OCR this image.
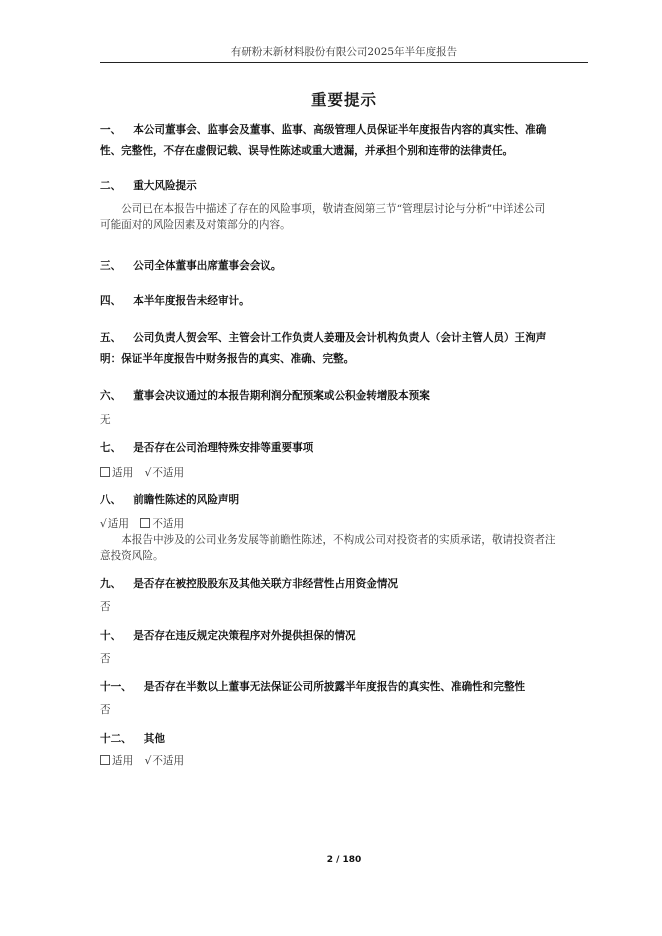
有研粉末新材料股份有限公司2025年半年度报告
重要提示
一、 本公司董事会、监事会及董事、监事、高级管理人员保证半年度报告内容的真实性、准确
性、完整性，不存在虚假记载、误导性陈述或重大遗漏，并承担个别和连带的法律责任。
二、 重大风险提示
公司已在本报告中描述了存在的风险事项，敬请查阅第三节“管理层讨论与分析”中详述公司
可能面对的风险因素及对策部分的内容。
三、 公司全体董事出席董事会会议。
四、 本半年度报告未经审计。
五、 公司负责人贺会军、主管会计工作负责人姜珊及会计机构负责人（会计主管人员）王洵声
明：保证半年度报告中财务报告的真实、准确、完整。
六、 董事会决议通过的本报告期利润分配预案或公积金转增股本预案
无
七、 是否存在公司治理特殊安排等重要事项
适用 √不适用
八、 前瞻性陈述的风险声明
√适用 不适用
本报告中涉及的公司业务发展等前瞻性陈述，不构成公司对投资者的实质承诺，敬请投资者注
意投资风险。
九、 是否存在被控股股东及其他关联方非经营性占用资金情况
否
十、 是否存在违反规定决策程序对外提供担保的情况
否
十一、 是否存在半数以上董事无法保证公司所披露半年度报告的真实性、准确性和完整性
否
十二、 其他
适用 √不适用
2 / 180
